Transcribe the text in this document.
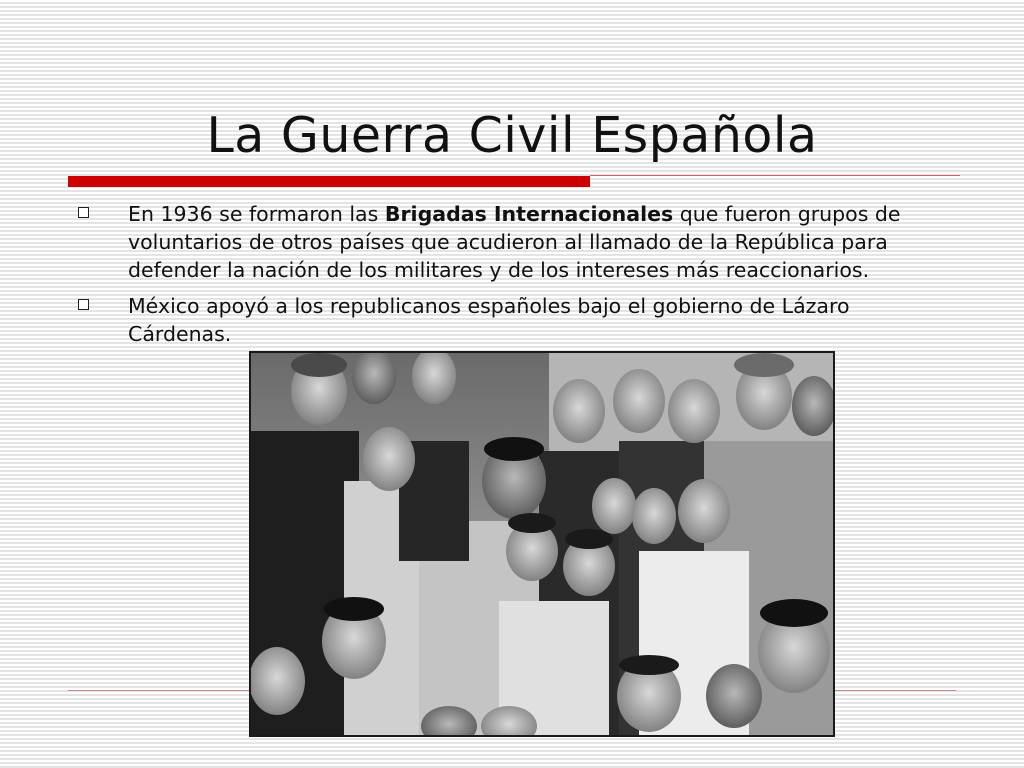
La Guerra Civil Española
En 1936 se formaron las Brigadas Internacionales que fueron grupos de voluntarios de otros países que acudieron al llamado de la República para defender la nación de los militares y de los intereses más reaccionarios.
México apoyó a los republicanos españoles bajo el gobierno de Lázaro Cárdenas.
